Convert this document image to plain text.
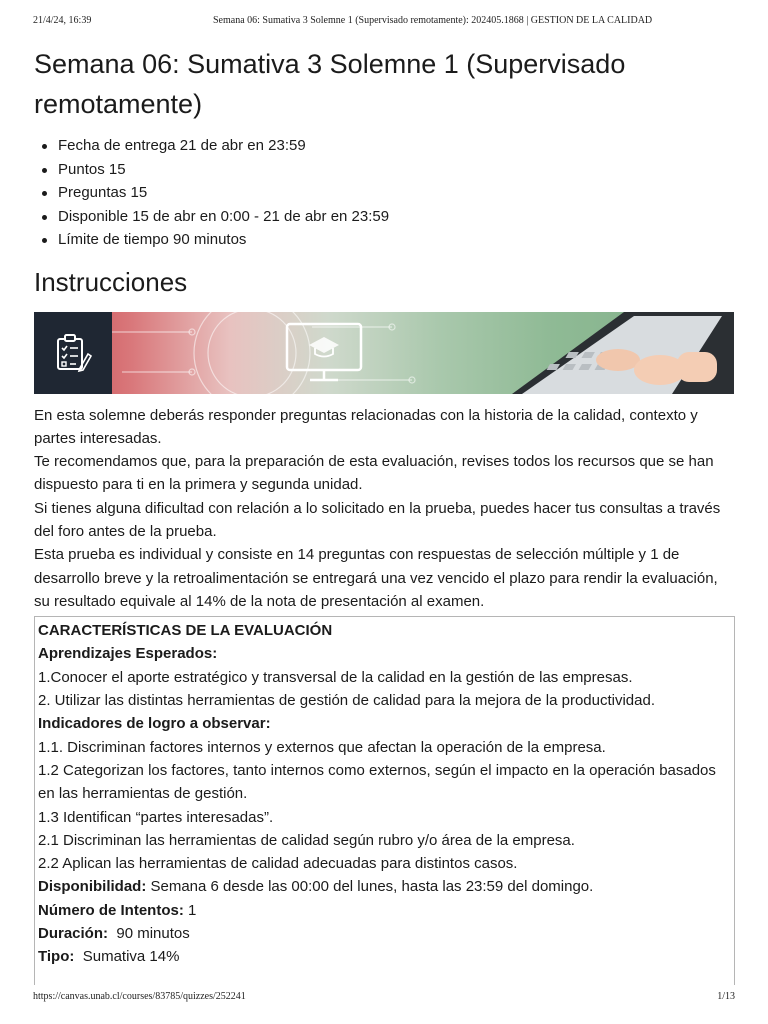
21/4/24, 16:39	Semana 06: Sumativa 3 Solemne 1 (Supervisado remotamente): 202405.1868 | GESTION DE LA CALIDAD
Semana 06: Sumativa 3 Solemne 1 (Supervisado remotamente)
Fecha de entrega 21 de abr en 23:59
Puntos 15
Preguntas 15
Disponible 15 de abr en 0:00 - 21 de abr en 23:59
Límite de tiempo 90 minutos
Instrucciones

En esta solemne deberás responder preguntas relacionadas con la historia de la calidad, contexto y partes interesadas.

Te recomendamos que, para la preparación de esta evaluación, revises todos los recursos que se han dispuesto para ti en la primera y segunda unidad.

Si tienes alguna dificultad con relación a lo solicitado en la prueba, puedes hacer tus consultas a través del foro antes de la prueba.

Esta prueba es individual y consiste en 14 preguntas con respuestas de selección múltiple y 1 de desarrollo breve y la retroalimentación se entregará una vez vencido el plazo para rendir la evaluación, su resultado equivale al 14% de la nota de presentación al examen.

CARACTERÍSTICAS DE LA EVALUACIÓN

Aprendizajes Esperados:

1.Conocer el aporte estratégico y transversal de la calidad en la gestión de las empresas.

2. Utilizar las distintas herramientas de gestión de calidad para la mejora de la productividad.

Indicadores de logro a observar:

1.1. Discriminan factores internos y externos que afectan la operación de la empresa.

1.2 Categorizan los factores, tanto internos como externos, según el impacto en la operación basados en las herramientas de gestión.

1.3 Identifican “partes interesadas”.

2.1 Discriminan las herramientas de calidad según rubro y/o área de la empresa.

2.2 Aplican las herramientas de calidad adecuadas para distintos casos.

Disponibilidad: Semana 6 desde las 00:00 del lunes, hasta las 23:59 del domingo.

Número de Intentos: 1

Duración:  90 minutos

Tipo:  Sumativa 14%

https://canvas.unab.cl/courses/83785/quizzes/252241	1/13
